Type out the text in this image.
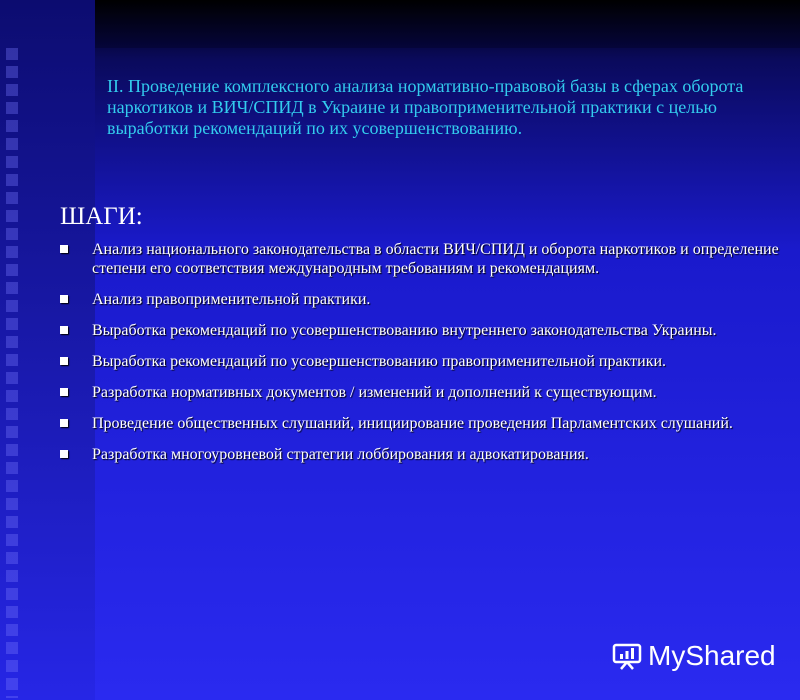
II. Проведение комплексного анализа нормативно-правовой базы в сферах оборота наркотиков и ВИЧ/СПИД в Украине и правоприменительной практики с целью выработки рекомендаций по их усовершенствованию.
ШАГИ:
Анализ национального законодательства в области ВИЧ/СПИД и оборота наркотиков и определение степени его соответствия международным требованиям и рекомендациям.
Анализ правоприменительной практики.
Выработка рекомендаций по усовершенствованию внутреннего законодательства Украины.
Выработка рекомендаций по усовершенствованию правоприменительной практики.
Разработка нормативных документов / изменений и дополнений к существующим.
Проведение общественных слушаний, инициирование проведения Парламентских слушаний.
Разработка многоуровневой стратегии лоббирования и адвокатирования.
MyShared
